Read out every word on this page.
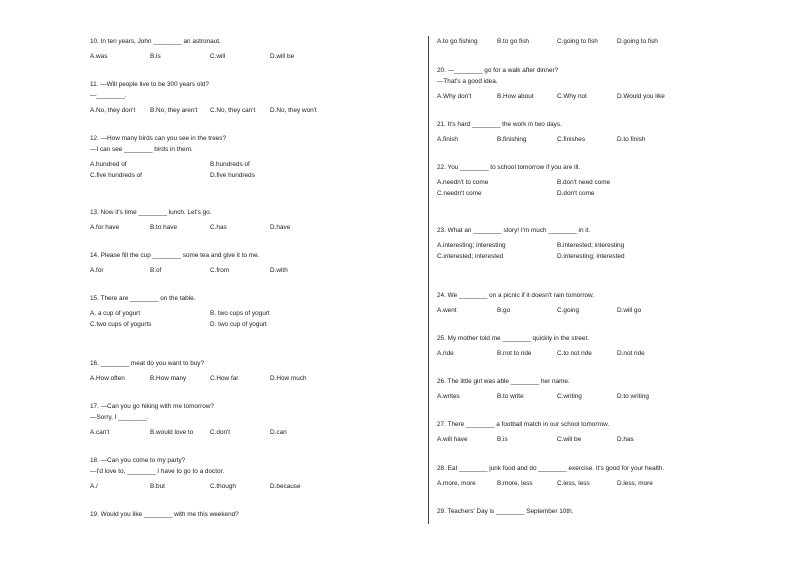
10. In ten years, John ________ an astronaut.
A.was	B.is	C.will	D.will be
11. —Will people live to be 300 years old?
—________.
A.No, they don't B.No, they aren't C.No, they can't D.No, they won't
12. —How many birds can you see in the trees?
—I can see ________ birds in them.
A.hundred of	B.hundreds of
C.five hundreds of	D.five hundreds
13. Now it's time ________ lunch. Let's go.
A.for have	B.to have	C.has	D.have
14. Please fill the cup ________ some tea and give it to me.
A.for	B.of	C.from	D.with
15. There are ________ on the table.
A. a cup of yogurt	B. two cups of yogurt
C.two cups of yogurts	D. two cup of yogurt
16. ________ meat do you want to buy?
A.How often	B.How many	C.How far	D.How much
17. —Can you go hiking with me tomorrow?
—Sorry, I ________.
A.can't	B.would love to	C.don't	D.can
18. —Can you come to my party?
—I'd love to, ________ I have to go to a doctor.
A./	B.but	C.though	D.because
19. Would you like ________ with me this weekend?
A.to go fishing	B.to go fish	C.going to fish	D.going to fish
20. —________ go for a walk after dinner?
—That's a good idea.
A.Why don't	B.How about	C.Why not	D.Would you like
21. It's hard ________ the work in two days.
A.finish	B.finishing	C.finishes	D.to finish
22. You ________ to school tomorrow if you are ill.
A.needn't to come	B.don't need come
C.needn't come	D.don't come
23. What an ________ story! I'm much ________ in it.
A.interesting; interesting	B.interested; interesting
C.interested; interested	D.interesting; interested
24. We ________ on a picnic if it doesn't rain tomorrow.
A.went	B.go	C.going	D.will go
25. My mother told me ________ quickly in the street.
A.ride	B.not to ride	C.to not ride	D.not ride
26. The little girl was able ________ her name.
A.writes	B.to write	C.writing	D.to writing
27. There ________ a football match in our school tomorrow.
A.will have	B.is	C.will be	D.has
28. Eat ________ junk food and do ________ exercise. It's good for your health.
A.more, more	B.more, less	C.less, less	D.less, more
29. Teachers' Day is ________ September 10th.
